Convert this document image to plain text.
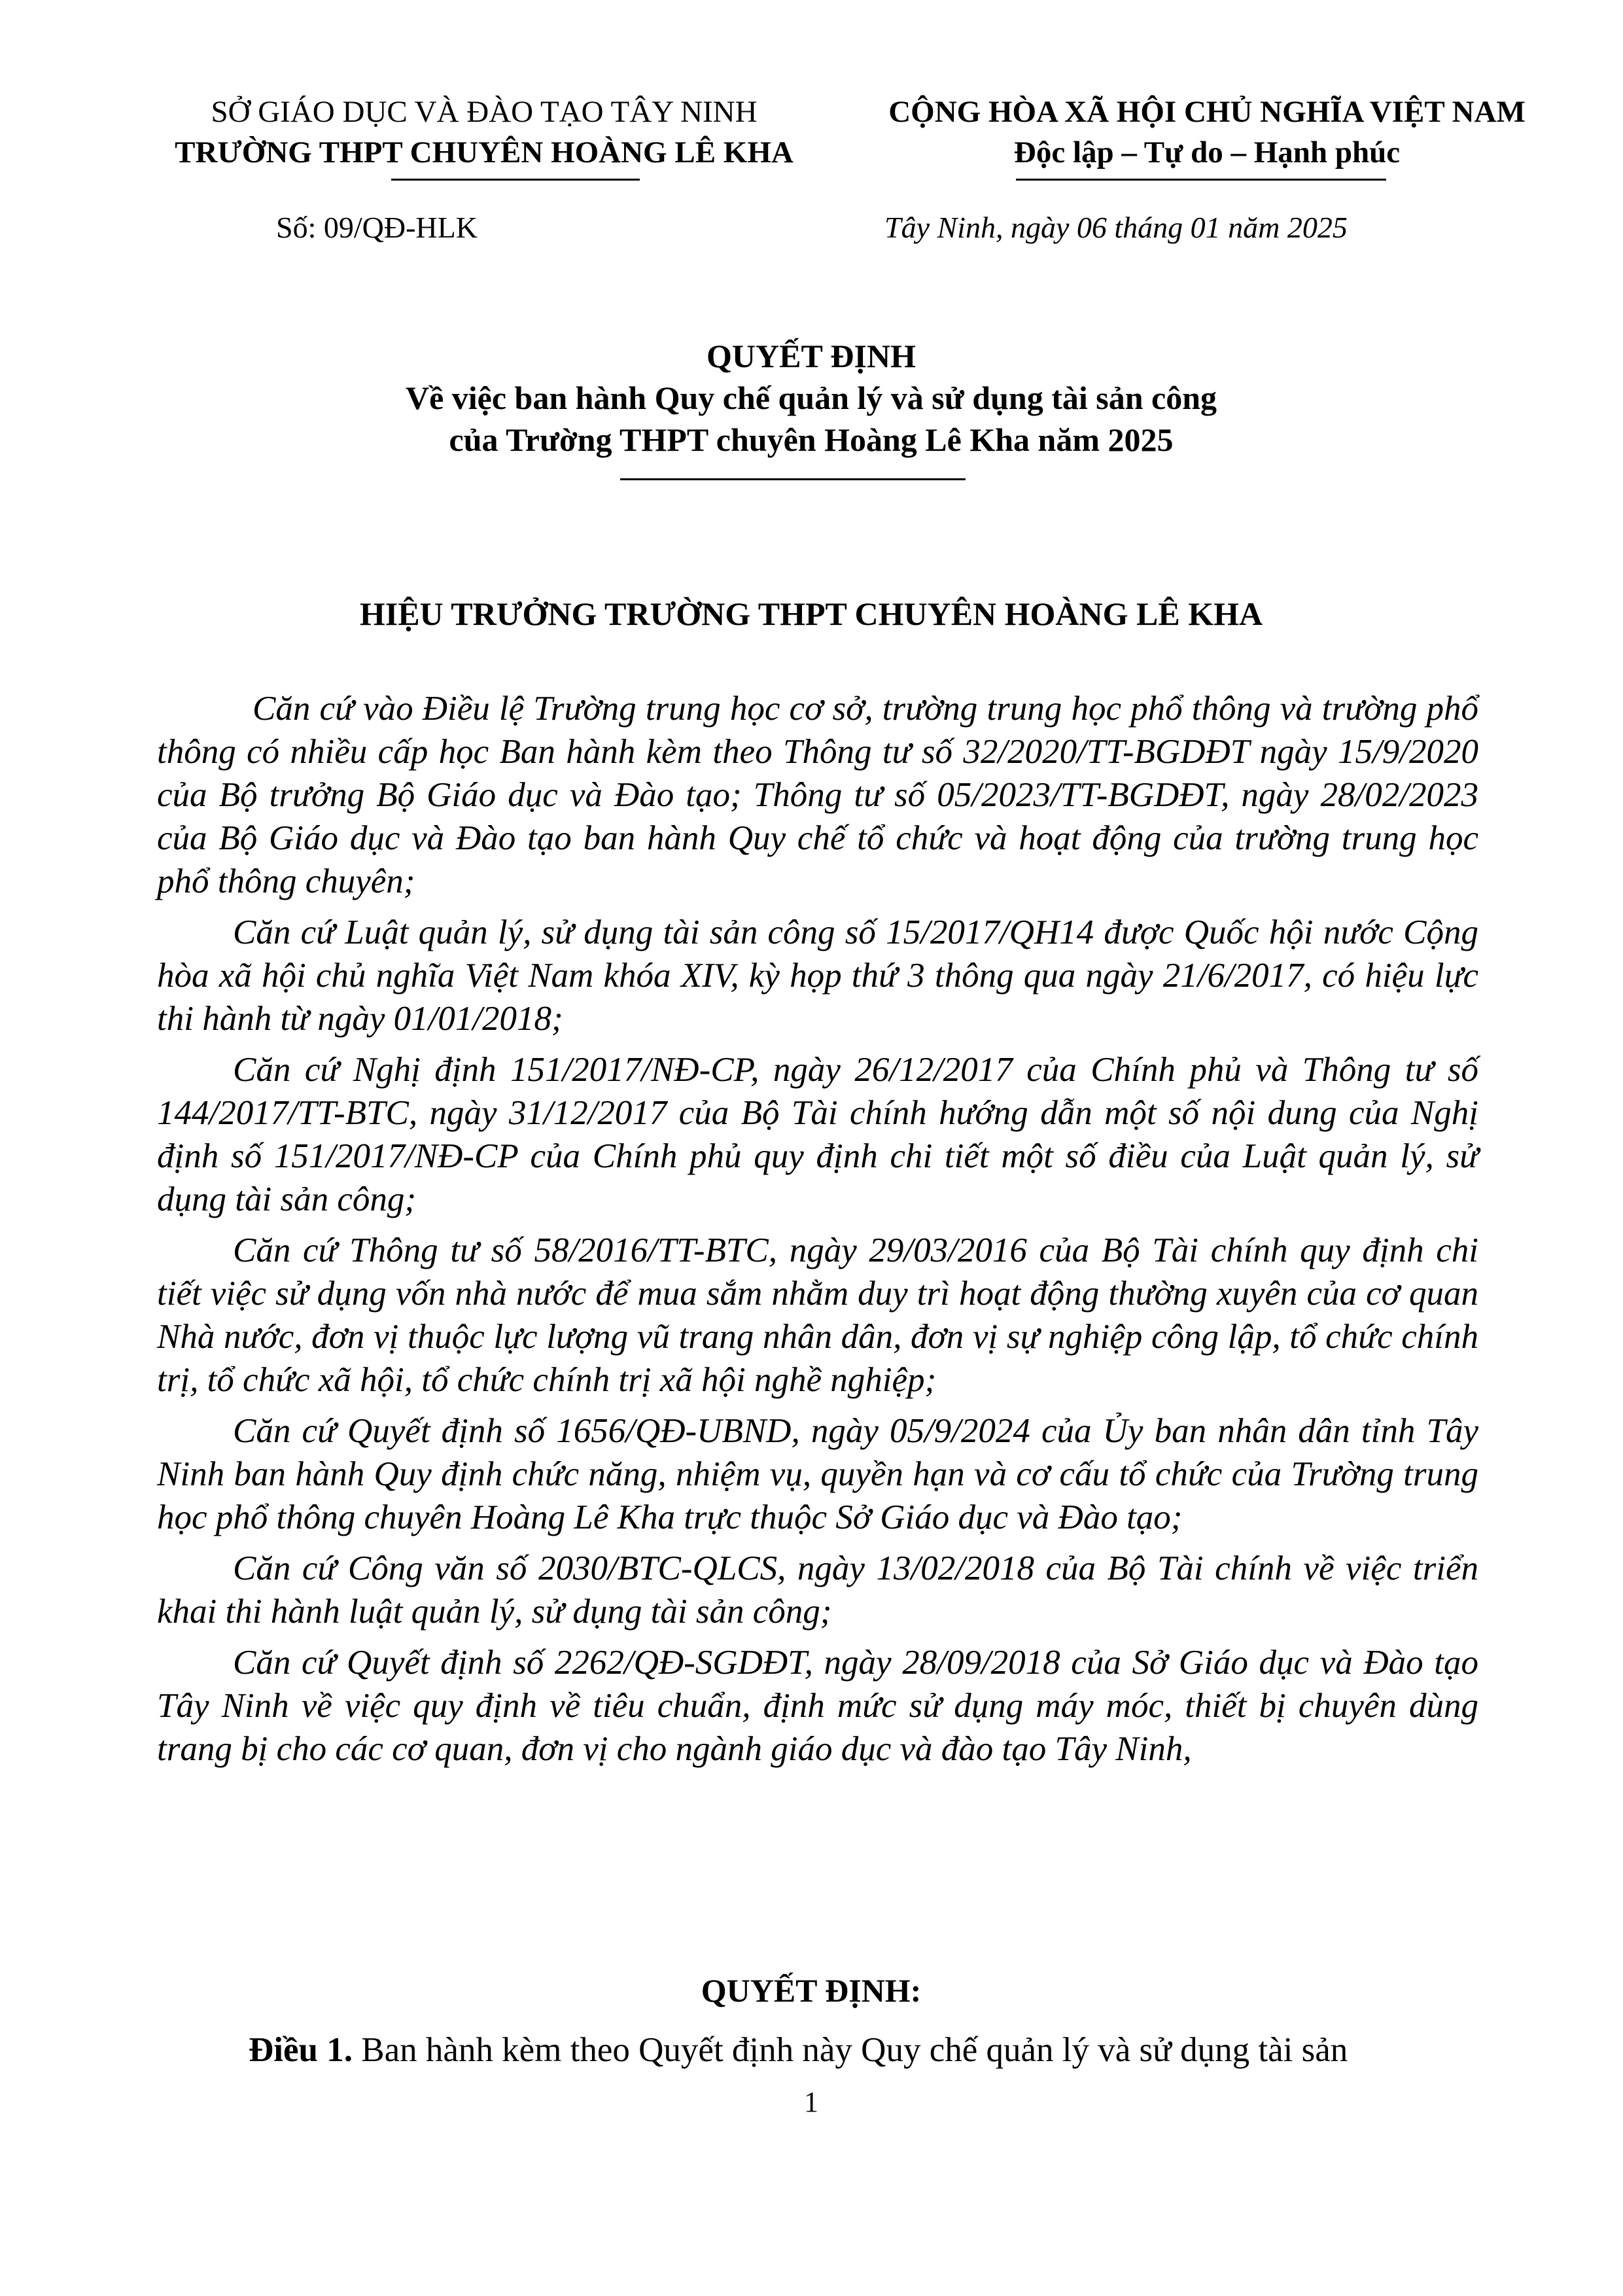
SỞ GIÁO DỤC VÀ ĐÀO TẠO TÂY NINH
TRƯỜNG THPT CHUYÊN HOÀNG LÊ KHA
CỘNG HÒA XÃ HỘI CHỦ NGHĨA VIỆT NAM
Độc lập – Tự do – Hạnh phúc
Số: 09/QĐ-HLK	Tây Ninh, ngày 06 tháng 01 năm 2025
QUYẾT ĐỊNH
Về việc ban hành Quy chế quản lý và sử dụng tài sản công
của Trường THPT chuyên Hoàng Lê Kha năm 2025
HIỆU TRƯỞNG TRƯỜNG THPT CHUYÊN HOÀNG LÊ KHA

Căn cứ vào Điều lệ Trường trung học cơ sở, trường trung học phổ thông và trường phổ thông có nhiều cấp học Ban hành kèm theo Thông tư số 32/2020/TT-BGDĐT ngày 15/9/2020 của Bộ trưởng Bộ Giáo dục và Đào tạo; Thông tư số 05/2023/TT-BGDĐT, ngày 28/02/2023 của Bộ Giáo dục và Đào tạo ban hành Quy chế tổ chức và hoạt động của trường trung học phổ thông chuyên;

Căn cứ Luật quản lý, sử dụng tài sản công số 15/2017/QH14 được Quốc hội nước Cộng hòa xã hội chủ nghĩa Việt Nam khóa XIV, kỳ họp thứ 3 thông qua ngày 21/6/2017, có hiệu lực thi hành từ ngày 01/01/2018;

Căn cứ Nghị định 151/2017/NĐ-CP, ngày 26/12/2017 của Chính phủ và Thông tư số 144/2017/TT-BTC, ngày 31/12/2017 của Bộ Tài chính hướng dẫn một số nội dung của Nghị định số 151/2017/NĐ-CP của Chính phủ quy định chi tiết một số điều của Luật quản lý, sử dụng tài sản công;

Căn cứ Thông tư số 58/2016/TT-BTC, ngày 29/03/2016 của Bộ Tài chính quy định chi tiết việc sử dụng vốn nhà nước để mua sắm nhằm duy trì hoạt động thường xuyên của cơ quan Nhà nước, đơn vị thuộc lực lượng vũ trang nhân dân, đơn vị sự nghiệp công lập, tổ chức chính trị, tổ chức xã hội, tổ chức chính trị xã hội nghề nghiệp;

Căn cứ Quyết định số 1656/QĐ-UBND, ngày 05/9/2024 của Ủy ban nhân dân tỉnh Tây Ninh ban hành Quy định chức năng, nhiệm vụ, quyền hạn và cơ cấu tổ chức của Trường trung học phổ thông chuyên Hoàng Lê Kha trực thuộc Sở Giáo dục và Đào tạo;

Căn cứ Công văn số 2030/BTC-QLCS, ngày 13/02/2018 của Bộ Tài chính về việc triển khai thi hành luật quản lý, sử dụng tài sản công;

Căn cứ Quyết định số 2262/QĐ-SGDĐT, ngày 28/09/2018 của Sở Giáo dục và Đào tạo Tây Ninh về việc quy định về tiêu chuẩn, định mức sử dụng máy móc, thiết bị chuyên dùng trang bị cho các cơ quan, đơn vị cho ngành giáo dục và đào tạo Tây Ninh,

QUYẾT ĐỊNH:
Điều 1. Ban hành kèm theo Quyết định này Quy chế quản lý và sử dụng tài sản
1
